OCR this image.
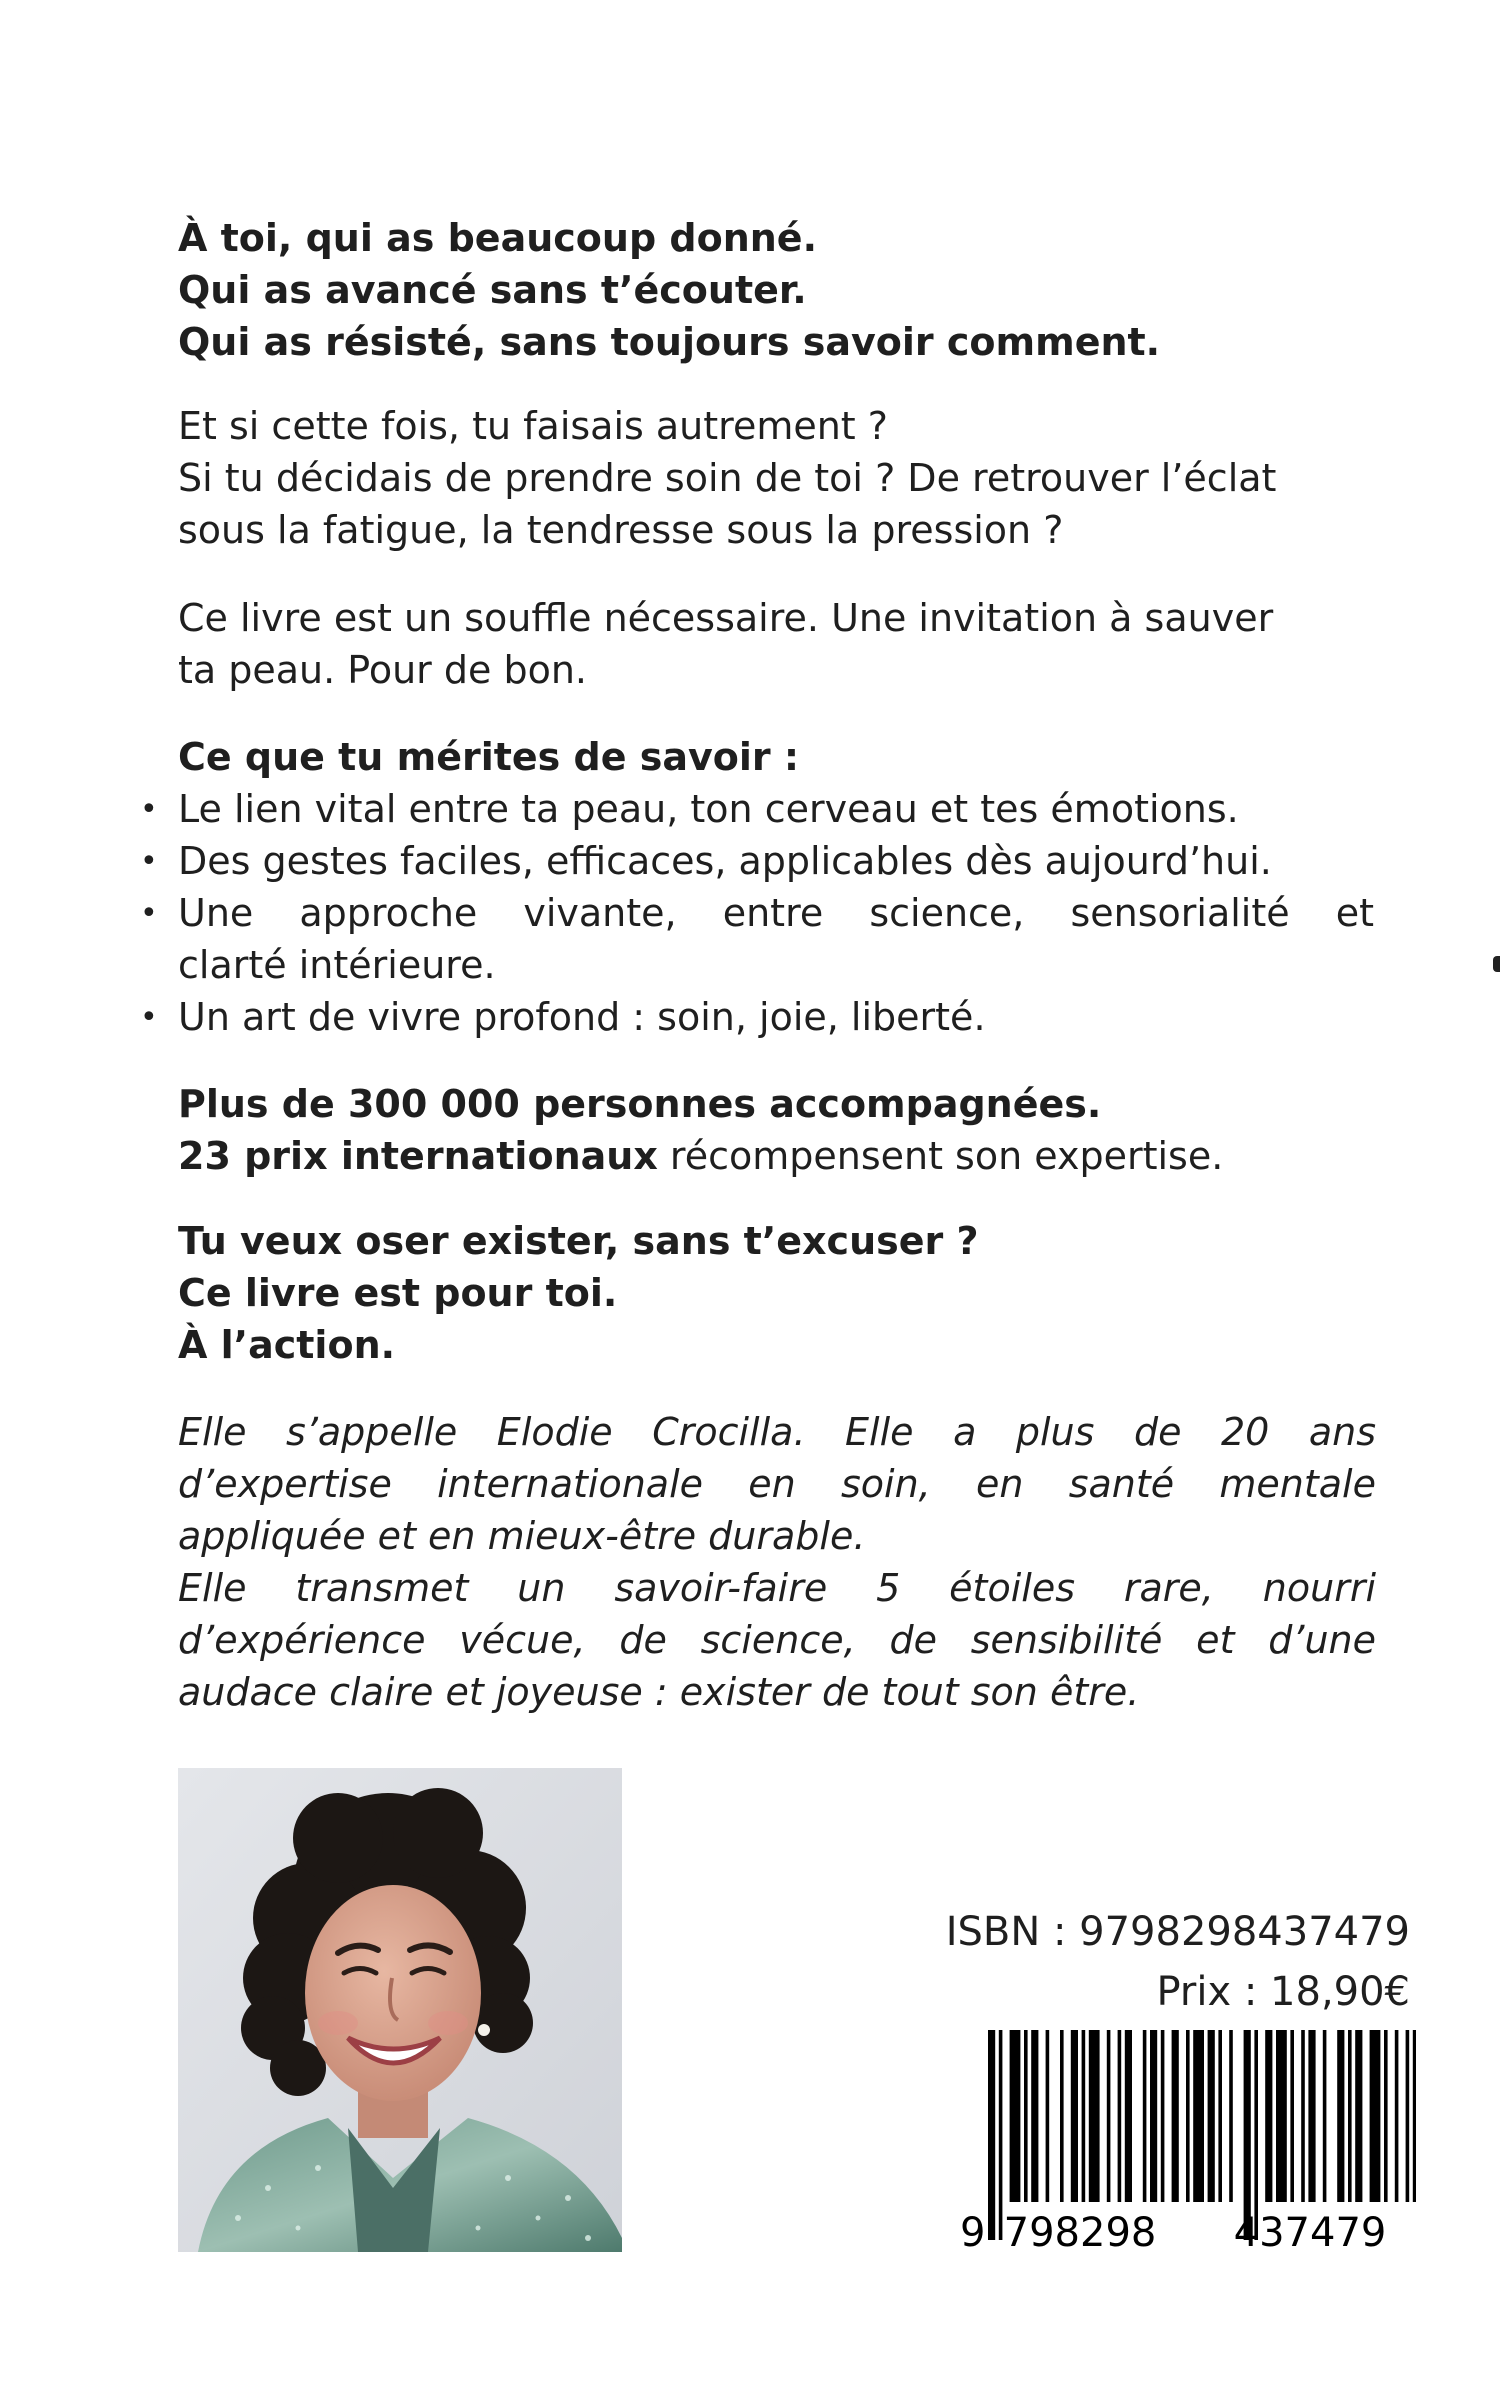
À toi, qui as beaucoup donné.
Qui as avancé sans t’écouter.
Qui as résisté, sans toujours savoir comment.
Et si cette fois, tu faisais autrement ?
Si tu décidais de prendre soin de toi ? De retrouver l’éclat
sous la fatigue, la tendresse sous la pression ?
Ce livre est un souffle nécessaire. Une invitation à sauver
ta peau. Pour de bon.
Ce que tu mérites de savoir :
• Le lien vital entre ta peau, ton cerveau et tes émotions.
• Des gestes faciles, efficaces, applicables dès aujourd’hui.
• Une approche vivante, entre science, sensorialité et
clarté intérieure.
• Un art de vivre profond : soin, joie, liberté.
Plus de 300 000 personnes accompagnées.
23 prix internationaux récompensent son expertise.
Tu veux oser exister, sans t’excuser ?
Ce livre est pour toi.
À l’action.
Elle s’appelle Elodie Crocilla. Elle a plus de 20 ans
d’expertise internationale en soin, en santé mentale
appliquée et en mieux-être durable.
Elle transmet un savoir-faire 5 étoiles rare, nourri
d’expérience vécue, de science, de sensibilité et d’une
audace claire et joyeuse : exister de tout son être.
ISBN : 9798298437479
Prix : 18,90€
9 798298 437479
